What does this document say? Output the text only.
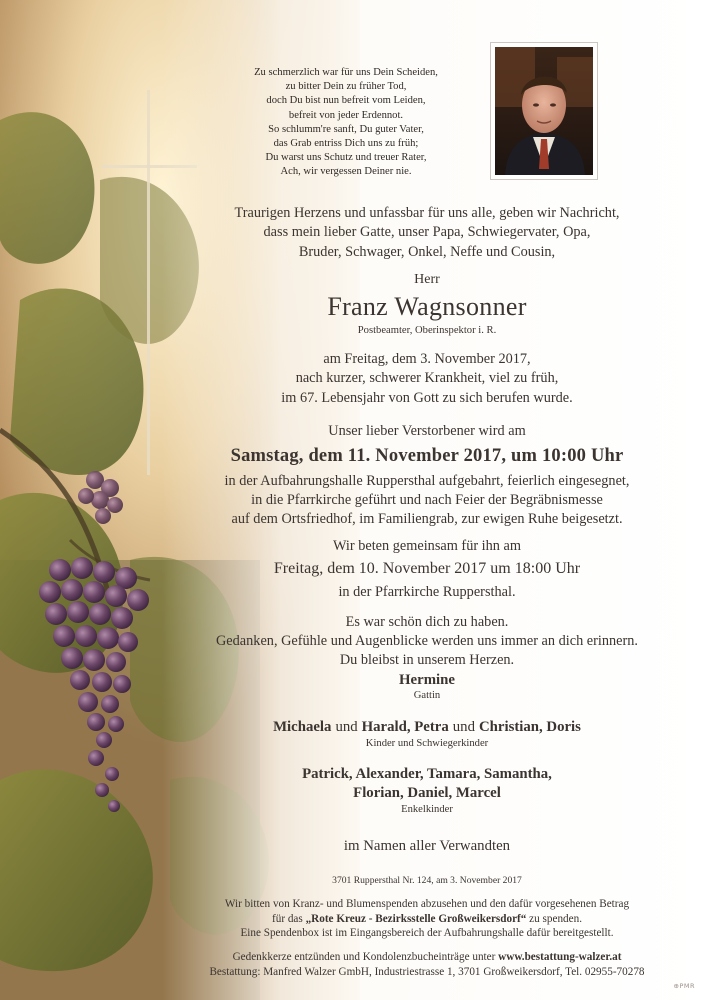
Zu schmerzlich war für uns Dein Scheiden,
zu bitter Dein zu früher Tod,
doch Du bist nun befreit vom Leiden,
befreit von jeder Erdennot.
So schlumm're sanft, Du guter Vater,
das Grab entriss Dich uns zu früh;
Du warst uns Schutz und treuer Rater,
Ach, wir vergessen Deiner nie.
Traurigen Herzens und unfassbar für uns alle, geben wir Nachricht,
dass mein lieber Gatte, unser Papa, Schwiegervater, Opa,
Bruder, Schwager, Onkel, Neffe und Cousin,
Herr
Franz Wagnsonner
Postbeamter, Oberinspektor i. R.
am Freitag, dem 3. November 2017,
nach kurzer, schwerer Krankheit, viel zu früh,
im 67. Lebensjahr von Gott zu sich berufen wurde.
Unser lieber Verstorbener wird am
Samstag, dem 11. November 2017, um 10:00 Uhr
in der Aufbahrungshalle Ruppersthal aufgebahrt, feierlich eingesegnet,
in die Pfarrkirche geführt und nach Feier der Begräbnismesse
auf dem Ortsfriedhof, im Familiengrab, zur ewigen Ruhe beigesetzt.
Wir beten gemeinsam für ihn am
Freitag, dem 10. November 2017 um 18:00 Uhr
in der Pfarrkirche Ruppersthal.
Es war schön dich zu haben.
Gedanken, Gefühle und Augenblicke werden uns immer an dich erinnern.
Du bleibst in unserem Herzen.
Hermine
Gattin
Michaela und Harald, Petra und Christian, Doris
Kinder und Schwiegerkinder
Patrick, Alexander, Tamara, Samantha,
Florian, Daniel, Marcel
Enkelkinder
im Namen aller Verwandten
3701 Ruppersthal Nr. 124, am 3. November 2017
Wir bitten von Kranz- und Blumenspenden abzusehen und den dafür vorgesehenen Betrag
für das „Rote Kreuz - Bezirksstelle Großweikersdorf“ zu spenden.
Eine Spendenbox ist im Eingangsbereich der Aufbahrungshalle dafür bereitgestellt.
Gedenkkerze entzünden und Kondolenzbucheinträge unter www.bestattung-walzer.at
Bestattung: Manfred Walzer GmbH, Industriestrasse 1, 3701 Großweikersdorf, Tel. 02955-70278
⊕PMR
